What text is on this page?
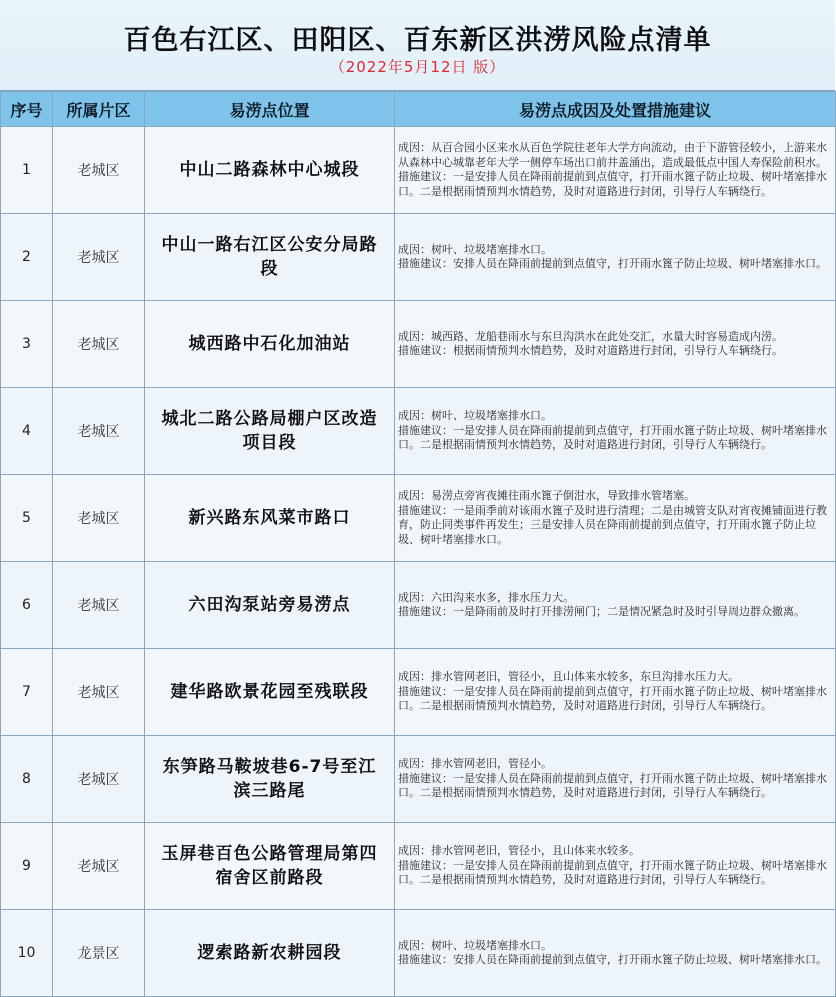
百色右江区、田阳区、百东新区洪涝风险点清单
（2022年5月12日 版）
序号	所属片区	易涝点位置	易涝点成因及处置措施建议
1	老城区	中山二路森林中心城段	成因：从百合园小区来水从百色学院往老年大学方向流动，由于下游管径较小，上游来水从森林中心城靠老年大学一侧停车场出口前井盖涌出，造成最低点中国人寿保险前积水。
措施建议：一是安排人员在降雨前提前到点值守，打开雨水篦子防止垃圾、树叶堵塞排水口。二是根据雨情预判水情趋势，及时对道路进行封闭，引导行人车辆绕行。

2	老城区	中山一路右江区公安分局路段	成因：树叶、垃圾堵塞排水口。
措施建议：安排人员在降雨前提前到点值守，打开雨水篦子防止垃圾、树叶堵塞排水口。

3	老城区	城西路中石化加油站	成因：城西路、龙船巷雨水与东旦沟洪水在此处交汇，水量大时容易造成内涝。
措施建议：根据雨情预判水情趋势，及时对道路进行封闭，引导行人车辆绕行。

4	老城区	城北二路公路局棚户区改造项目段	成因：树叶、垃圾堵塞排水口。
措施建议：一是安排人员在降雨前提前到点值守，打开雨水篦子防止垃圾、树叶堵塞排水口。二是根据雨情预判水情趋势，及时对道路进行封闭，引导行人车辆绕行。

5	老城区	新兴路东风菜市路口	成因：易涝点旁宵夜摊往雨水篦子倒泔水，导致排水管堵塞。
措施建议：一是雨季前对该雨水篦子及时进行清理；二是由城管支队对宵夜摊铺面进行教育，防止同类事件再发生；三是安排人员在降雨前提前到点值守，打开雨水篦子防止垃圾、树叶堵塞排水口。

6	老城区	六田沟泵站旁易涝点	成因：六田沟来水多，排水压力大。
措施建议：一是降雨前及时打开排涝闸门；二是情况紧急时及时引导周边群众撤离。

7	老城区	建华路欧景花园至残联段	成因：排水管网老旧，管径小，且山体来水较多，东旦沟排水压力大。
措施建议：一是安排人员在降雨前提前到点值守，打开雨水篦子防止垃圾、树叶堵塞排水口。二是根据雨情预判水情趋势，及时对道路进行封闭，引导行人车辆绕行。

8	老城区	东笋路马鞍坡巷6-7号至江滨三路尾	成因：排水管网老旧，管径小。
措施建议：一是安排人员在降雨前提前到点值守，打开雨水篦子防止垃圾、树叶堵塞排水口。二是根据雨情预判水情趋势，及时对道路进行封闭，引导行人车辆绕行。

9	老城区	玉屏巷百色公路管理局第四宿舍区前路段	成因：排水管网老旧，管径小，且山体来水较多。
措施建议：一是安排人员在降雨前提前到点值守，打开雨水篦子防止垃圾、树叶堵塞排水口。二是根据雨情预判水情趋势，及时对道路进行封闭，引导行人车辆绕行。

10	龙景区	逻索路新农耕园段	成因：树叶、垃圾堵塞排水口。
措施建议：安排人员在降雨前提前到点值守，打开雨水篦子防止垃圾、树叶堵塞排水口。
